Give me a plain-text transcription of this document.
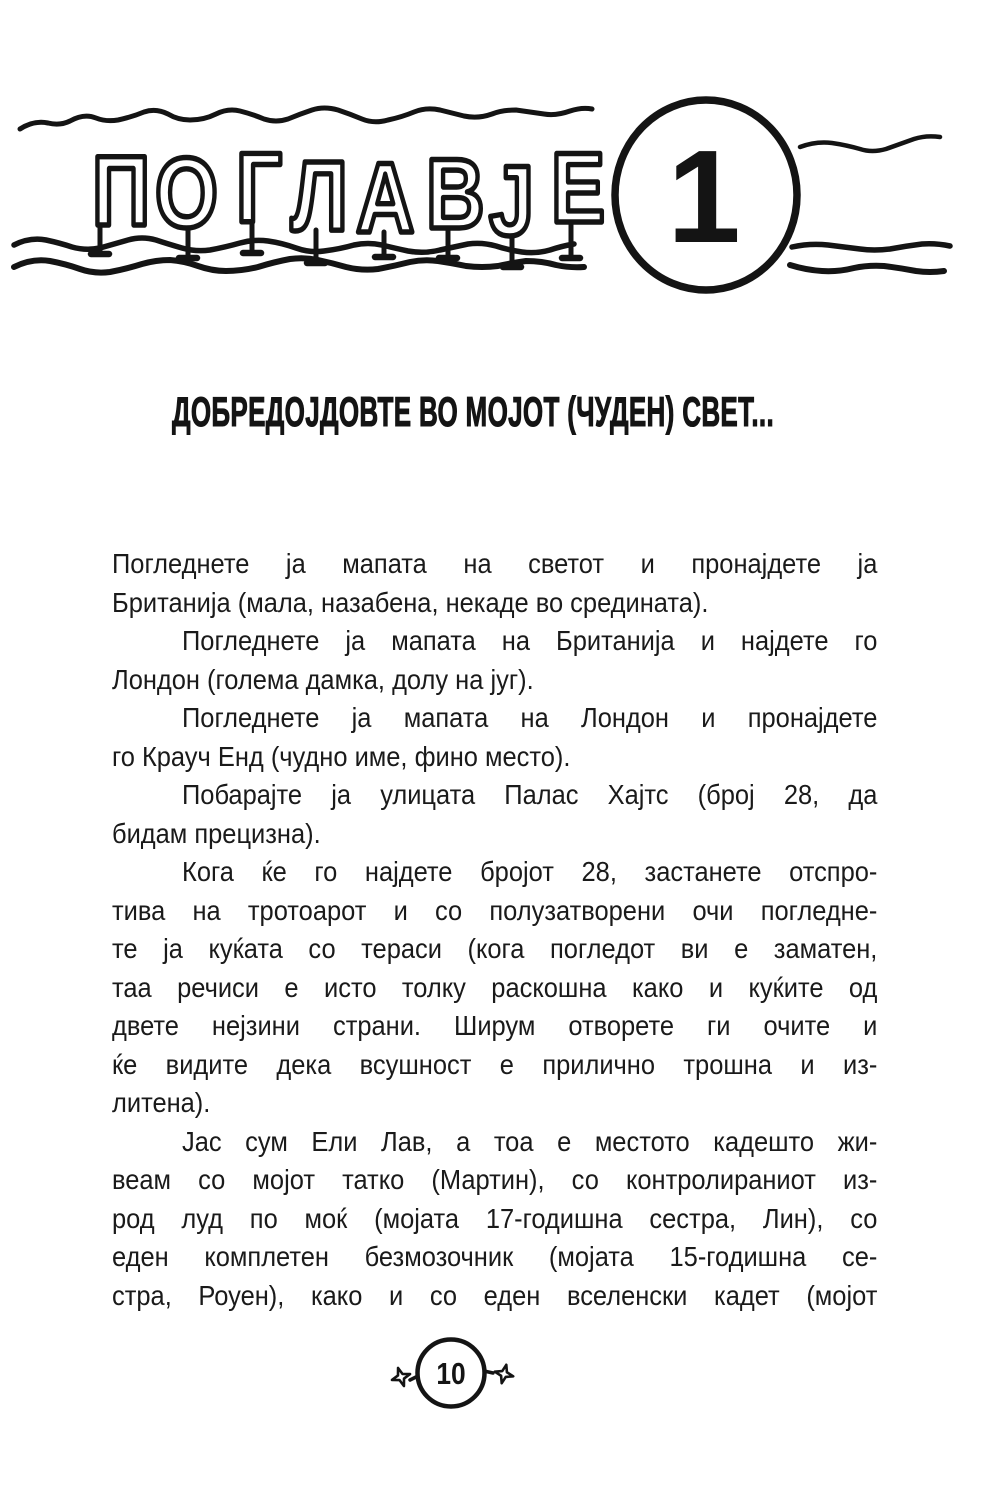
П О Г Л А В Ј Е 1
ДОБРЕДОЈДОВТЕ ВО МОЈОТ (ЧУДЕН) СВЕТ...
Погледнете ја мапата на светот и пронајдете ја
Британија (мала, назабена, некаде во средината).
Погледнете ја мапата на Британија и најдете го
Лондон (голема дамка, долу на југ).
Погледнете ја мапата на Лондон и пронајдете
го Крауч Енд (чудно име, фино место).
Побарајте ја улицата Палас Хајтс (број 28, да
бидам прецизна).
Кога ќе го најдете бројот 28, застанете отспро-
тива на тротоарот и со полузатворени очи погледне-
те ја куќата со тераси (кога погледот ви е заматен,
таа речиси е исто толку раскошна како и куќите од
двете нејзини страни. Ширум отворете ги очите и
ќе видите дека всушност е прилично трошна и из-
литена).
Јас сум Ели Лав, а тоа е местото кадешто жи-
веам со мојот татко (Мартин), со контролираниот из-
род луд по моќ (мојата 17-годишна сестра, Лин), со
еден комплетен безмозочник (мојата 15-годишна се-
стра, Роуен), како и со еден вселенски кадет (мојот
10
